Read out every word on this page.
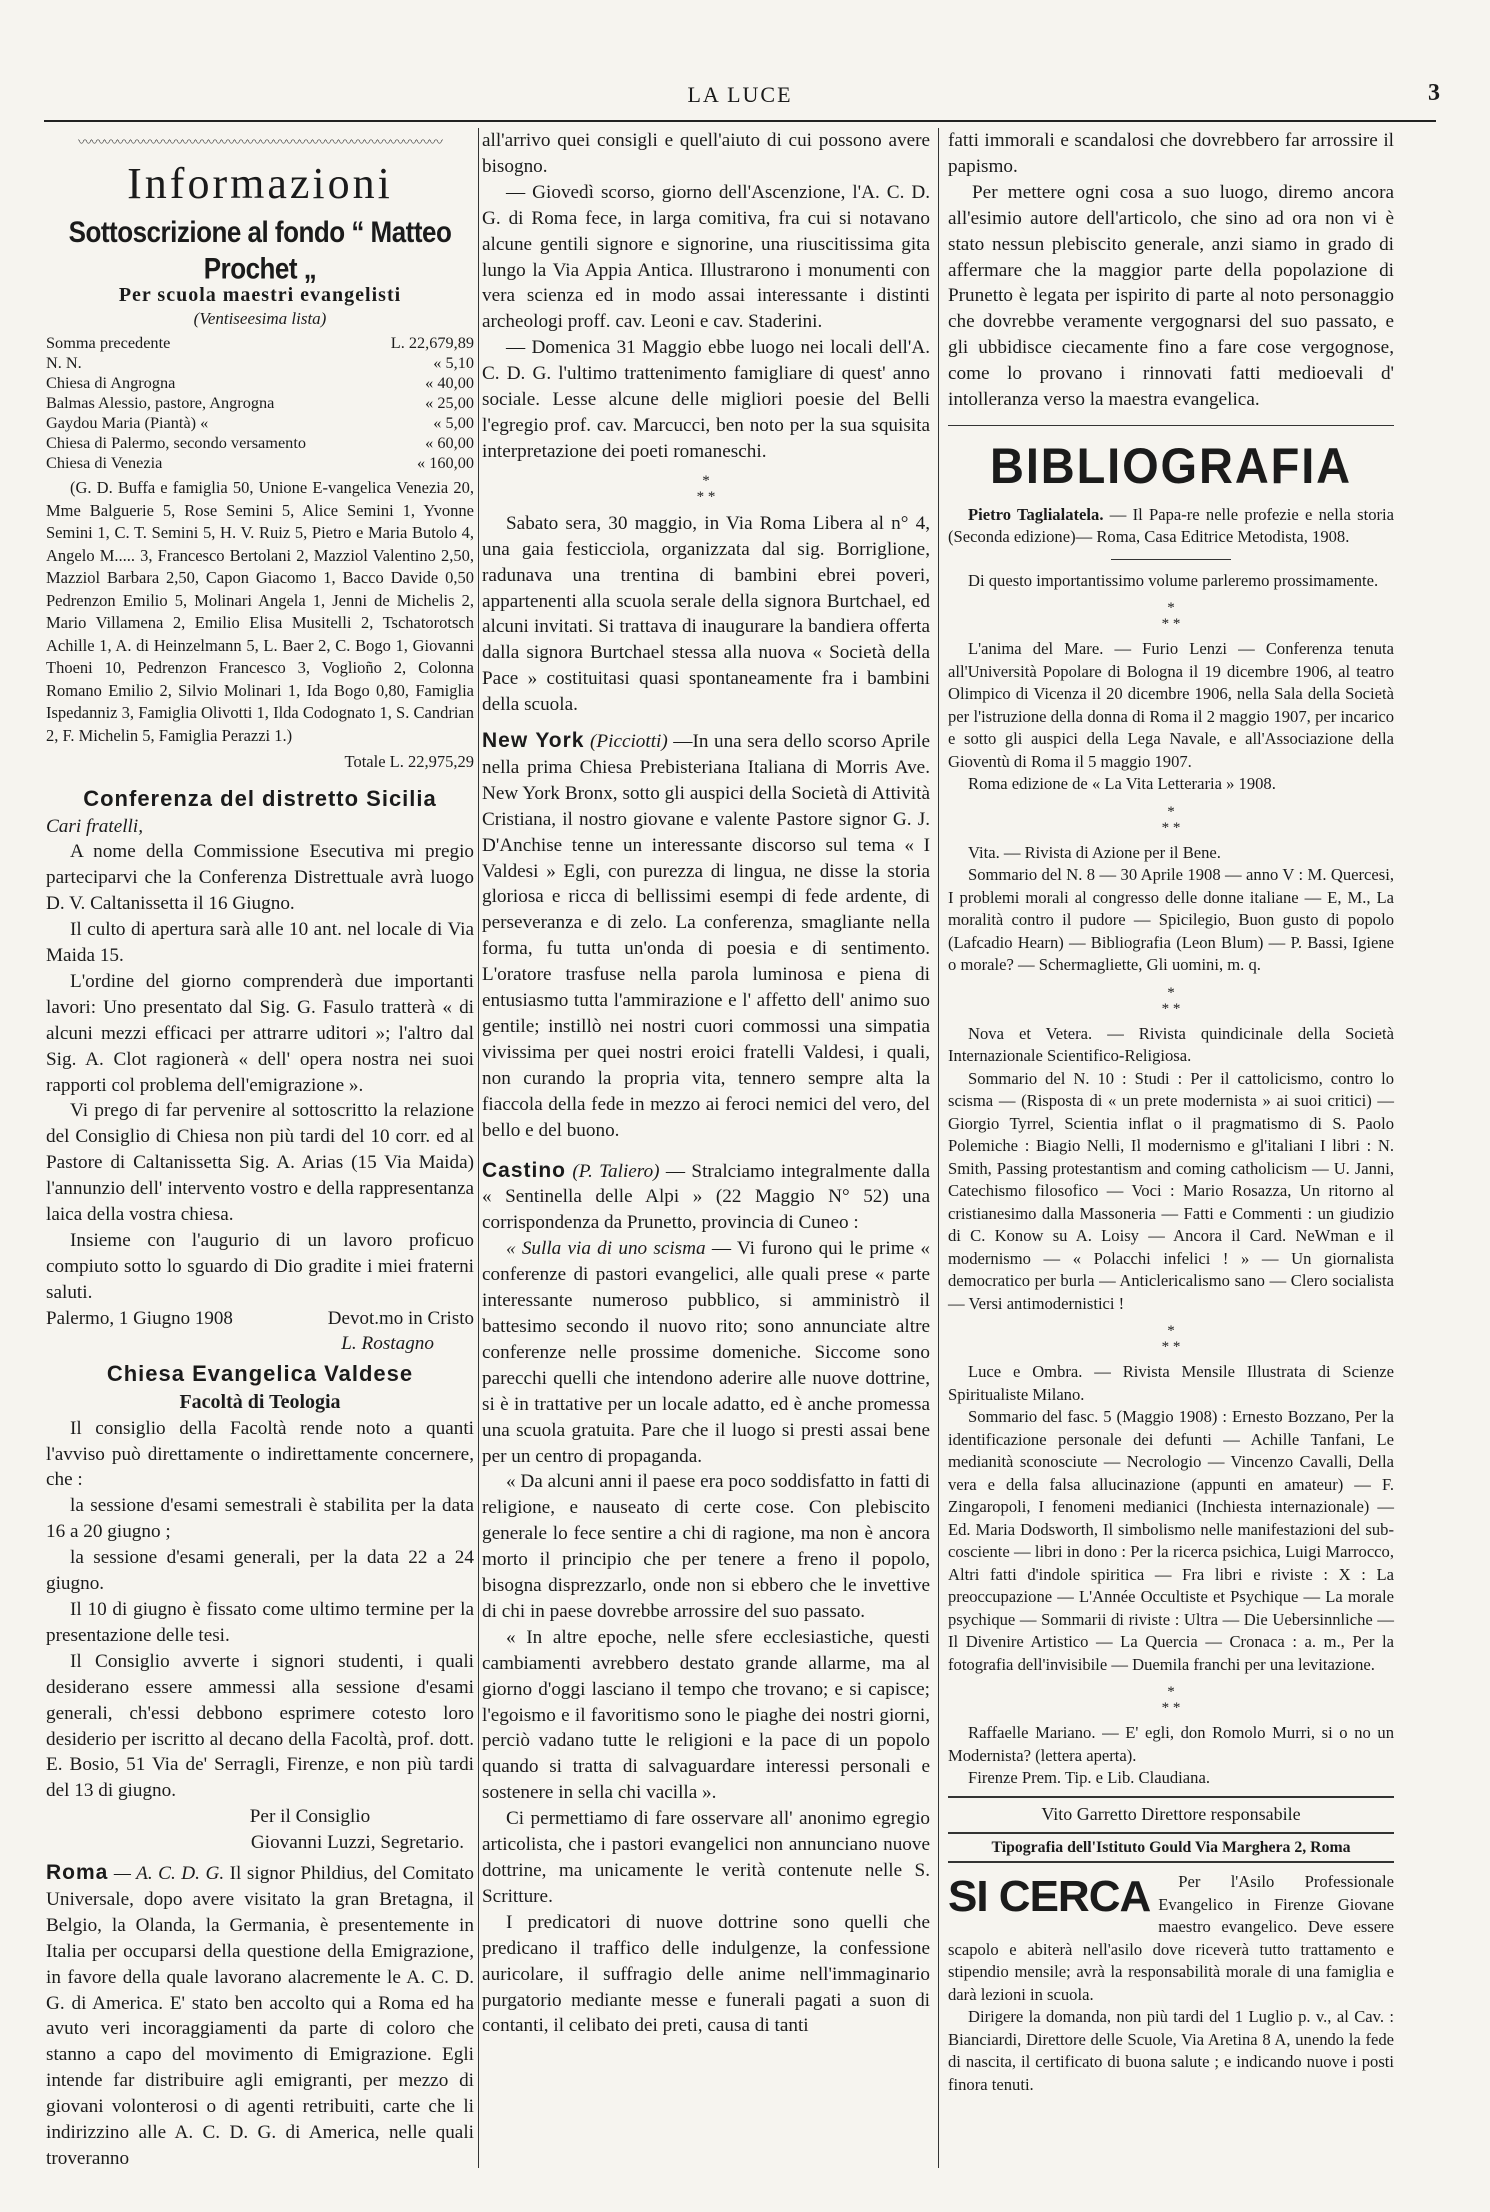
LA LUCE	3
〰〰〰〰〰〰〰〰〰〰〰〰〰〰〰〰〰〰〰〰〰〰〰〰〰〰〰〰
Informazioni
Sottoscrizione al fondo “ Matteo Prochet „
Per scuola maestri evangelisti
(Ventiseesima lista)
Somma precedente	L. 22,679,89
N. N.	« 5,10
Chiesa di Angrogna	« 40,00
Balmas Alessio, pastore, Angrogna	« 25,00
Gaydou Maria (Piantà) «	« 5,00
Chiesa di Palermo, secondo versamento	« 60,00
Chiesa di Venezia	« 160,00

(G. D. Buffa e famiglia 50, Unione E-vangelica Venezia 20, Mme Balguerie 5, Rose Semini 5, Alice Semini 1, Yvonne Semini 1, C. T. Semini 5, H. V. Ruiz 5, Pietro e Maria Butolo 4, Angelo M..... 3, Francesco Bertolani 2, Mazziol Valentino 2,50, Mazziol Barbara 2,50, Capon Giacomo 1, Bacco Davide 0,50 Pedrenzon Emilio 5, Molinari Angela 1, Jenni de Michelis 2, Mario Villamena 2, Emilio Elisa Musitelli 2, Tschatorotsch Achille 1, A. di Heinzelmann 5, L. Baer 2, C. Bogo 1, Giovanni Thoeni 10, Pedrenzon Francesco 3, Voglioño 2, Colonna Romano Emilio 2, Silvio Molinari 1, Ida Bogo 0,80, Famiglia Ispedanniz 3, Famiglia Olivotti 1, Ilda Codognato 1, S. Candrian 2, F. Michelin 5, Famiglia Perazzi 1.)

Totale L. 22,975,29
Conferenza del distretto Sicilia

Cari fratelli,

A nome della Commissione Esecutiva mi pregio parteciparvi che la Conferenza Distrettuale avrà luogo D. V. Caltanissetta il 16 Giugno.

Il culto di apertura sarà alle 10 ant. nel locale di Via Maida 15.

L'ordine del giorno comprenderà due importanti lavori: Uno presentato dal Sig. G. Fasulo tratterà « di alcuni mezzi efficaci per attrarre uditori »; l'altro dal Sig. A. Clot ragionerà « dell' opera nostra nei suoi rapporti col problema dell'emigrazione ».

Vi prego di far pervenire al sottoscritto la relazione del Consiglio di Chiesa non più tardi del 10 corr. ed al Pastore di Caltanissetta Sig. A. Arias (15 Via Maida) l'annunzio dell' intervento vostro e della rappresentanza laica della vostra chiesa.

Insieme con l'augurio di un lavoro proficuo compiuto sotto lo sguardo di Dio gradite i miei fraterni saluti.

Palermo, 1 Giugno 1908	Devot.mo in Cristo
L. Rostagno
Chiesa Evangelica Valdese
Facoltà di Teologia

Il consiglio della Facoltà rende noto a quanti l'avviso può direttamente o indirettamente concernere, che :

la sessione d'esami semestrali è stabilita per la data 16 a 20 giugno ;

la sessione d'esami generali, per la data 22 a 24 giugno.

Il 10 di giugno è fissato come ultimo termine per la presentazione delle tesi.

Il Consiglio avverte i signori studenti, i quali desiderano essere ammessi alla sessione d'esami generali, ch'essi debbono esprimere cotesto loro desiderio per iscritto al decano della Facoltà, prof. dott. E. Bosio, 51 Via de' Serragli, Firenze, e non più tardi del 13 di giugno.

Per il Consiglio
Giovanni Luzzi, Segretario.

Roma — A. C. D. G. Il signor Phildius, del Comitato Universale, dopo avere visitato la gran Bretagna, il Belgio, la Olanda, la Germania, è presentemente in Italia per occuparsi della questione della Emigrazione, in favore della quale lavorano alacremente le A. C. D. G. di America. E' stato ben accolto qui a Roma ed ha avuto veri incoraggiamenti da parte di coloro che stanno a capo del movimento di Emigrazione. Egli intende far distribuire agli emigranti, per mezzo di giovani volonterosi o di agenti retribuiti, carte che li indirizzino alle A. C. D. G. di America, nelle quali troveranno

all'arrivo quei consigli e quell'aiuto di cui possono avere bisogno.

— Giovedì scorso, giorno dell'Ascenzione, l'A. C. D. G. di Roma fece, in larga comitiva, fra cui si notavano alcune gentili signore e signorine, una riuscitissima gita lungo la Via Appia Antica. Illustrarono i monumenti con vera scienza ed in modo assai interessante i distinti archeologi proff. cav. Leoni e cav. Staderini.

— Domenica 31 Maggio ebbe luogo nei locali dell'A. C. D. G. l'ultimo trattenimento famigliare di quest' anno sociale. Lesse alcune delle migliori poesie del Belli l'egregio prof. cav. Marcucci, ben noto per la sua squisita interpretazione dei poeti romaneschi.

*
* *

Sabato sera, 30 maggio, in Via Roma Libera al n° 4, una gaia festicciola, organizzata dal sig. Borriglione, radunava una trentina di bambini ebrei poveri, appartenenti alla scuola serale della signora Burtchael, ed alcuni invitati. Si trattava di inaugurare la bandiera offerta dalla signora Burtchael stessa alla nuova « Società della Pace » costituitasi quasi spontaneamente fra i bambini della scuola.

New York (Picciotti) —In una sera dello scorso Aprile nella prima Chiesa Prebisteriana Italiana di Morris Ave. New York Bronx, sotto gli auspici della Società di Attività Cristiana, il nostro giovane e valente Pastore signor G. J. D'Anchise tenne un interessante discorso sul tema « I Valdesi » Egli, con purezza di lingua, ne disse la storia gloriosa e ricca di bellissimi esempi di fede ardente, di perseveranza e di zelo. La conferenza, smagliante nella forma, fu tutta un'onda di poesia e di sentimento. L'oratore trasfuse nella parola luminosa e piena di entusiasmo tutta l'ammirazione e l' affetto dell' animo suo gentile; instillò nei nostri cuori commossi una simpatia vivissima per quei nostri eroici fratelli Valdesi, i quali, non curando la propria vita, tennero sempre alta la fiaccola della fede in mezzo ai feroci nemici del vero, del bello e del buono.

Castino (P. Taliero) — Stralciamo integralmente dalla « Sentinella delle Alpi » (22 Maggio N° 52) una corrispondenza da Prunetto, provincia di Cuneo :

« Sulla via di uno scisma — Vi furono qui le prime « conferenze di pastori evangelici, alle quali prese « parte interessante numeroso pubblico, si amministrò il battesimo secondo il nuovo rito; sono annunciate altre conferenze nelle prossime domeniche. Siccome sono parecchi quelli che intendono aderire alle nuove dottrine, si è in trattative per un locale adatto, ed è anche promessa una scuola gratuita. Pare che il luogo si presti assai bene per un centro di propaganda.

« Da alcuni anni il paese era poco soddisfatto in fatti di religione, e nauseato di certe cose. Con plebiscito generale lo fece sentire a chi di ragione, ma non è ancora morto il principio che per tenere a freno il popolo, bisogna disprezzarlo, onde non si ebbero che le invettive di chi in paese dovrebbe arrossire del suo passato.

« In altre epoche, nelle sfere ecclesiastiche, questi cambiamenti avrebbero destato grande allarme, ma al giorno d'oggi lasciano il tempo che trovano; e si capisce; l'egoismo e il favoritismo sono le piaghe dei nostri giorni, perciò vadano tutte le religioni e la pace di un popolo quando si tratta di salvaguardare interessi personali e sostenere in sella chi vacilla ».

Ci permettiamo di fare osservare all' anonimo egregio articolista, che i pastori evangelici non annunciano nuove dottrine, ma unicamente le verità contenute nelle S. Scritture.

I predicatori di nuove dottrine sono quelli che predicano il traffico delle indulgenze, la confessione auricolare, il suffragio delle anime nell'immaginario purgatorio mediante messe e funerali pagati a suon di contanti, il celibato dei preti, causa di tanti

fatti immorali e scandalosi che dovrebbero far arrossire il papismo.

Per mettere ogni cosa a suo luogo, diremo ancora all'esimio autore dell'articolo, che sino ad ora non vi è stato nessun plebiscito generale, anzi siamo in grado di affermare che la maggior parte della popolazione di Prunetto è legata per ispirito di parte al noto personaggio che dovrebbe veramente vergognarsi del suo passato, e gli ubbidisce ciecamente fino a fare cose vergognose, come lo provano i rinnovati fatti medioevali d' intolleranza verso la maestra evangelica.

BIBLIOGRAFIA

Pietro Taglialatela. — Il Papa-re nelle profezie e nella storia (Seconda edizione)— Roma, Casa Editrice Metodista, 1908.

Di questo importantissimo volume parleremo prossimamente.

*
* *

L'anima del Mare. — Furio Lenzi — Conferenza tenuta all'Università Popolare di Bologna il 19 dicembre 1906, al teatro Olimpico di Vicenza il 20 dicembre 1906, nella Sala della Società per l'istruzione della donna di Roma il 2 maggio 1907, per incarico e sotto gli auspici della Lega Navale, e all'Associazione della Gioventù di Roma il 5 maggio 1907.

Roma edizione de « La Vita Letteraria » 1908.

*
* *

Vita. — Rivista di Azione per il Bene.

Sommario del N. 8 — 30 Aprile 1908 — anno V : M. Quercesi, I problemi morali al congresso delle donne italiane — E, M., La moralità contro il pudore — Spicilegio, Buon gusto di popolo (Lafcadio Hearn) — Bibliografia (Leon Blum) — P. Bassi, Igiene o morale? — Schermagliette, Gli uomini, m. q.

*
* *

Nova et Vetera. — Rivista quindicinale della Società Internazionale Scientifico-Religiosa.

Sommario del N. 10 : Studi : Per il cattolicismo, contro lo scisma — (Risposta di « un prete modernista » ai suoi critici) — Giorgio Tyrrel, Scientia inflat o il pragmatismo di S. Paolo Polemiche : Biagio Nelli, Il modernismo e gl'italiani I libri : N. Smith, Passing protestantism and coming catholicism — U. Janni, Catechismo filosofico — Voci : Mario Rosazza, Un ritorno al cristianesimo dalla Massoneria — Fatti e Commenti : un giudizio di C. Konow su A. Loisy — Ancora il Card. NeWman e il modernismo — « Polacchi infelici ! » — Un giornalista democratico per burla — Anticlericalismo sano — Clero socialista — Versi antimodernistici !

*
* *

Luce e Ombra. — Rivista Mensile Illustrata di Scienze Spiritualiste Milano.

Sommario del fasc. 5 (Maggio 1908) : Ernesto Bozzano, Per la identificazione personale dei defunti — Achille Tanfani, Le medianità sconosciute — Necrologio — Vincenzo Cavalli, Della vera e della falsa allucinazione (appunti en amateur) — F. Zingaropoli, I fenomeni medianici (Inchiesta internazionale) — Ed. Maria Dodsworth, Il simbolismo nelle manifestazioni del sub-cosciente — libri in dono : Per la ricerca psichica, Luigi Marrocco, Altri fatti d'indole spiritica — Fra libri e riviste : X : La preoccupazione — L'Année Occultiste et Psychique — La morale psychique — Sommarii di riviste : Ultra — Die Uebersinnliche — Il Divenire Artistico — La Quercia — Cronaca : a. m., Per la fotografia dell'invisibile — Duemila franchi per una levitazione.

*
* *

Raffaelle Mariano. — E' egli, don Romolo Murri, si o no un Modernista? (lettera aperta).

Firenze Prem. Tip. e Lib. Claudiana.

Vito Garretto Direttore responsabile
Tipografia dell'Istituto Gould Via Marghera 2, Roma
SI CERCA	Per l'Asilo Professionale Evangelico in Firenze Giovane maestro evangelico. Deve essere scapolo e abiterà nell'asilo dove riceverà tutto trattamento e stipendio mensile; avrà la responsabilità morale di una famiglia e darà lezioni in scuola.

Dirigere la domanda, non più tardi del 1 Luglio p. v., al Cav. : Bianciardi, Direttore delle Scuole, Via Aretina 8 A, unendo la fede di nascita, il certificato di buona salute ; e indicando nuove i posti finora tenuti.
